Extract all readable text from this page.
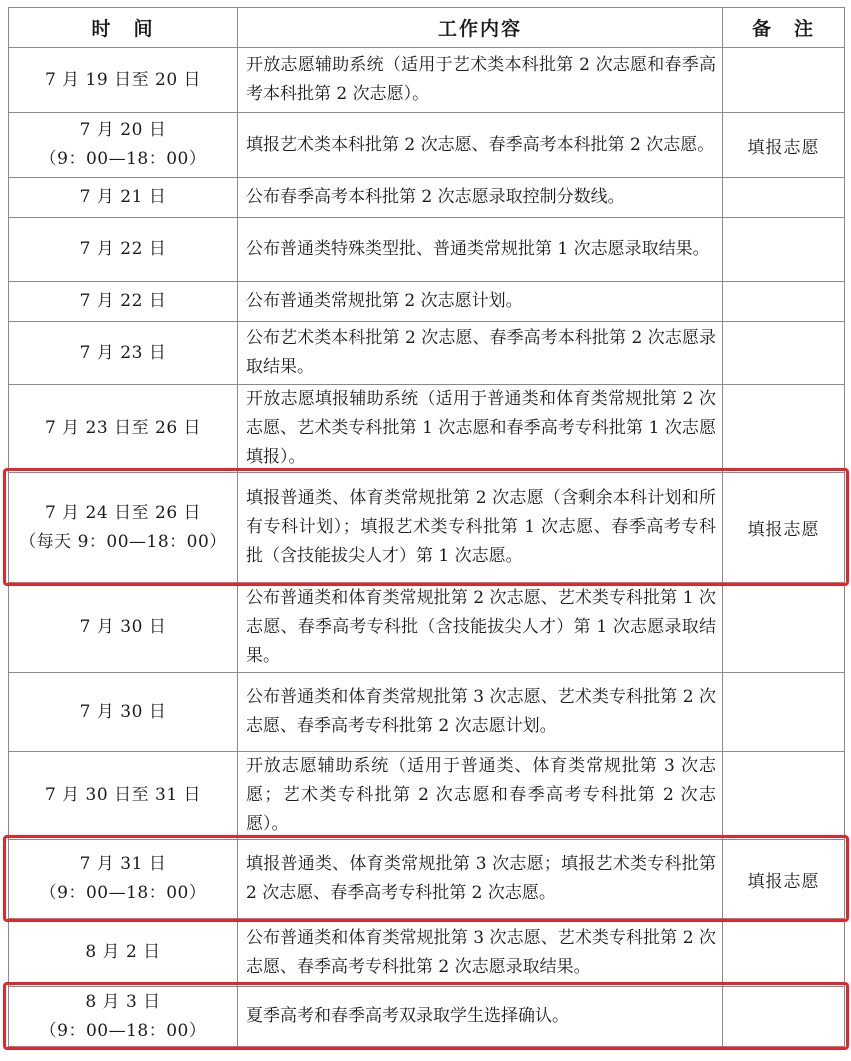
时　间	工作内容	备　注

7 月 19 日至 20 日	开放志愿辅助系统（适用于艺术类本科批第 2 次志愿和春季高考本科批第 2 次志愿）。	

7 月 20 日
（9：00—18：00）	填报艺术类本科批第 2 次志愿、春季高考本科批第 2 次志愿。	填报志愿

7 月 21 日	公布春季高考本科批第 2 次志愿录取控制分数线。	

7 月 22 日	公布普通类特殊类型批、普通类常规批第 1 次志愿录取结果。	

7 月 22 日	公布普通类常规批第 2 次志愿计划。	

7 月 23 日	公布艺术类本科批第 2 次志愿、春季高考本科批第 2 次志愿录取结果。	

7 月 23 日至 26 日	开放志愿填报辅助系统（适用于普通类和体育类常规批第 2 次志愿、艺术类专科批第 1 次志愿和春季高考专科批第 1 次志愿填报）。	

7 月 24 日至 26 日
（每天 9：00—18：00）	填报普通类、体育类常规批第 2 次志愿（含剩余本科计划和所有专科计划）；填报艺术类专科批第 1 次志愿、春季高考专科批（含技能拔尖人才）第 1 次志愿。	填报志愿

7 月 30 日	公布普通类和体育类常规批第 2 次志愿、艺术类专科批第 1 次志愿、春季高考专科批（含技能拔尖人才）第 1 次志愿录取结果。	

7 月 30 日	公布普通类和体育类常规批第 3 次志愿、艺术类专科批第 2 次志愿、春季高考专科批第 2 次志愿计划。	

7 月 30 日至 31 日	开放志愿辅助系统（适用于普通类、体育类常规批第 3 次志愿；艺术类专科批第 2 次志愿和春季高考专科批第 2 次志愿）。	

7 月 31 日
（9：00—18：00）	填报普通类、体育类常规批第 3 次志愿；填报艺术类专科批第 2 次志愿、春季高考专科批第 2 次志愿。	填报志愿

8 月 2 日	公布普通类和体育类常规批第 3 次志愿、艺术类专科批第 2 次志愿、春季高考专科批第 2 次志愿录取结果。	

8 月 3 日
（9：00—18：00）	夏季高考和春季高考双录取学生选择确认。	
